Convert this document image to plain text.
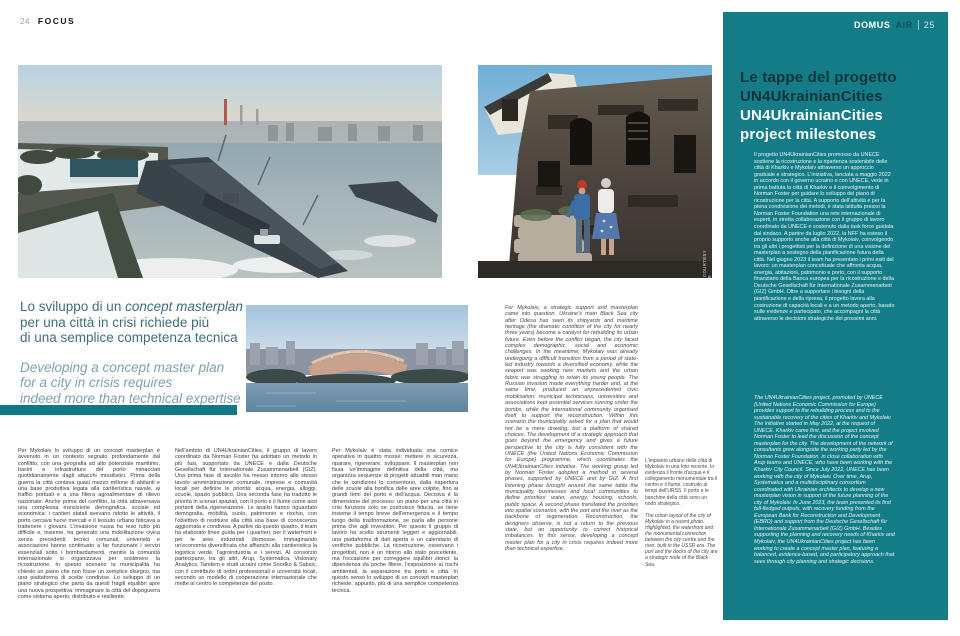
24 FOCUS
FOTO COURTESY UNECE
Lo sviluppo di un concept masterplan
per una città in crisi richiede più
di una semplice competenza tecnica
Developing a concept master plan
for a city in crisis requires
indeed more than technical expertise
Per Mykolaiv lo sviluppo di un concept masterplan è avvenuto in un contesto segnato profondamente dal conflitto, con una geografia ad alto potenziale marittimo, bacini e infrastrutture del porto minacciati quotidianamente dagli attacchi missilistici. Prima della guerra la città contava quasi mezzo milione di abitanti e una base produttiva legata alla cantieristica navale, ai traffici portuali e a una filiera agroalimentare di rilievo nazionale. Anche prima del conflitto, la città attraversava una complessa transizione demografica, sociale ed economica: i cantieri statali avevano ridotto le attività, il porto cercava nuovi mercati e il tessuto urbano faticava a trattenere i giovani. L'invasione russa ha reso tutto più difficile e, insieme, ha generato una mobilitazione civica senza precedenti: tecnici comunali, università e associazioni hanno continuato a far funzionare i servizi essenziali sotto i bombardamenti, mentre la comunità internazionale si organizzava per sostenere la ricostruzione. In questo scenario la municipalità ha chiesto un piano che non fosse un semplice disegno, ma una piattaforma di scelte condivise. Lo sviluppo di un piano strategico che parta da questi fragili equilibri apre una nuova prospettiva: immaginare la città del dopoguerra come sistema aperto, distribuito e resiliente.
Nell'ambito di UN4UkrainianCities, il gruppo di lavoro coordinato da Norman Foster ha adottato un metodo in più fasi, supportato da UNECE e dalla Deutsche Gesellschaft für Internationale Zusammenarbeit (GIZ). Una prima fase di ascolto ha messo intorno allo stesso tavolo amministrazione comunale, imprese e comunità locali per definire le priorità: acqua, energia, alloggi, scuole, spazio pubblico. Una seconda fase ha tradotto le priorità in scenari spaziali, con il porto e il fiume come assi portanti della rigenerazione. Le analisi hanno riguardato demografia, mobilità, suolo, patrimonio e rischio, con l'obiettivo di restituire alla città una base di conoscenza aggiornata e condivisa. A partire da questo quadro, il team ha elaborato linee guida per i quartieri, per il waterfront e per le aree industriali dismesse, immaginando un'economia diversificata che affianchi alla cantieristica la logistica verde, l'agroindustria e i servizi. Al consorzio partecipano, tra gli altri, Arup, Systematica, Visionary Analytics, Tandem e studi ucraini come Soodko & Sabsic, con il contributo di ordini professionali e università locali, secondo un modello di cooperazione internazionale che mette al centro le competenze del posto.
Per Mykolaiv è stata individuata una cornice operativa in quattro mosse: mettere in sicurezza, riparare, rigenerare, sviluppare. Il masterplan non fissa un'immagine definitiva della città, ma organizza sequenze di progetti attuabili man mano che le condizioni lo consentono, dalla riapertura delle scuole alla bonifica delle aree colpite, fino ai grandi temi del porto e dell'acqua. Decisiva è la dimensione del processo: un piano per una città in crisi funziona solo se costruisce fiducia, se tiene insieme il tempo breve dell'emergenza e il tempo lungo della trasformazione, se parla alle persone prima che agli investitori. Per questo il gruppo di lavoro ha scelto strumenti leggeri e aggiornabili, una piattaforma di dati aperta e un calendario di verifiche pubbliche. La ricostruzione, osservano i progettisti, non è un ritorno allo stato precedente, ma l'occasione per correggere squilibri storici: la dipendenza da poche filiere, l'esposizione ai rischi ambientali, la separazione tra porto e città. In questo senso lo sviluppo di un concept masterplan richiede, appunto, più di una semplice competenza tecnica.
For Mykolaiv, a strategic support and masterplan came into question. Ukraine's main Black Sea city after Odesa has seen its shipyards and maritime heritage (the dramatic condition of the city for nearly three years) become a catalyst for rebuilding its urban future. Even before the conflict began, the city faced complex demographic, social and economic challenges. In the meantime, Mykolaiv was already undergoing a difficult transition from a period of state-led industry towards a diversified economy, while the seaport was seeking new markets and the urban fabric was struggling to retain its young people. The Russian invasion made everything harder and, at the same time, produced an unprecedented civic mobilisation: municipal technicians, universities and associations kept essential services running under the bombs, while the international community organised itself to support the reconstruction. Within this scenario the municipality asked for a plan that would not be a mere drawing, but a platform of shared choices. The development of a strategic approach that goes beyond the emergency and gives a future perspective to the city is fully consistent with the UNECE (the United Nations Economic Commission for Europe) programme, which coordinates the UN4UkrainianCities initiative. The working group led by Norman Foster adopted a method in several phases, supported by UNECE and by GIZ. A first listening phase brought around the same table the municipality, businesses and local communities to define priorities: water, energy, housing, schools, public space. A second phase translated the priorities into spatial scenarios, with the port and the river as the backbone of regeneration. Reconstruction, the designers observe, is not a return to the previous state, but an opportunity to correct historical imbalances. In this sense, developing a concept master plan for a city in crisis requires indeed more than technical expertise.
L'impianto urbano della città di Mykolaiv in una foto recente. In evidenza il fronte d'acqua e il collegamento monumentale tra il centro e il fiume, costruito ai tempi dell'URSS. Il porto e le banchine della città sono un nodo strategico.
The urban layout of the city of Mykolaiv in a recent photo. Highlighted, the waterfront and the monumental connection between the city centre and the river, built in the USSR era. The port and the docks of the city are a strategic node of the Black Sea.
DOMUS AIR 25
Le tappe del progetto
UN4UkrainianCities
UN4UkrainianCities
project milestones
Il progetto UN4UkrainianCities promosso da UNECE sostiene la ricostruzione e la ripartenza sostenibile delle città di Kharkiv e Mykolaiv attraverso un approccio graduale e strategico. L'iniziativa, lanciata a maggio 2022 in accordo con il governo ucraino e con UNECE, vede in prima battuta la città di Kharkiv e il coinvolgimento di Norman Foster per guidare lo sviluppo del piano di ricostruzione per la città. A supporto dell'attività e per la piena condivisione dei metodi, è stata istituita presso la Norman Foster Foundation una rete internazionale di esperti, in stretta collaborazione con il gruppo di lavoro coordinato da UNECE e sostenuto dalla task force guidata dal sindaco. A partire da luglio 2022, la NFF ha esteso il proprio supporto anche alla città di Mykolaiv, coinvolgendo tra gli altri i progettisti per la definizione di una visione del masterplan a sostegno della pianificazione futura della città. Nel giugno 2023 il team ha presentato i primi esiti del lavoro: un masterplan concettuale che affronta acqua, energia, abitazioni, patrimonio e porto, con il supporto finanziario della Banca europea per la ricostruzione e della Deutsche Gesellschaft für Internationale Zusammenarbeit (GIZ) GmbH. Oltre a supportare i bisogni della pianificazione e della ripresa, il progetto lavora alla costruzione di capacità locali e a un metodo aperto, basato sulle evidenze e partecipato, che accompagni la città attraverso le decisioni strategiche dei prossimi anni.
The UN4UkrainianCities project, promoted by UNECE (United Nations Economic Commission for Europe) provides support to the rebuilding process and to the sustainable recovery of the cities of Kharkiv and Mykolaiv. The initiative started in May 2022, at the request of UNECE. Kharkiv came first, and the project involved Norman Foster to lead the discussion of the concept masterplan for the city. The development of the network of consultants grew alongside the working party led by the Norman Foster Foundation, in close collaboration with Arup teams and UNECE, who have been working with the Kharkiv City Council. Since July 2022, UNECE has been working with the city of Mykolaiv. Over time, Arup, Systematica and a multidisciplinary consortium coordinated with Ukrainian architects to develop a new masterplan vision in support of the future planning of the city of Mykolaiv. In June 2023, the team presented its first full-fledged outputs, with recovery funding from the European Bank for Reconstruction and Development (EBRD) and support from the Deutsche Gesellschaft für Internationale Zusammenarbeit (GIZ) GmbH. Besides supporting the planning and recovery needs of Kharkiv and Mykolaiv, the UN4UkrainianCities project has been working to create a concept master plan, featuring a balanced, evidence-based, and participatory approach that sees through city planning and strategic decisions.
